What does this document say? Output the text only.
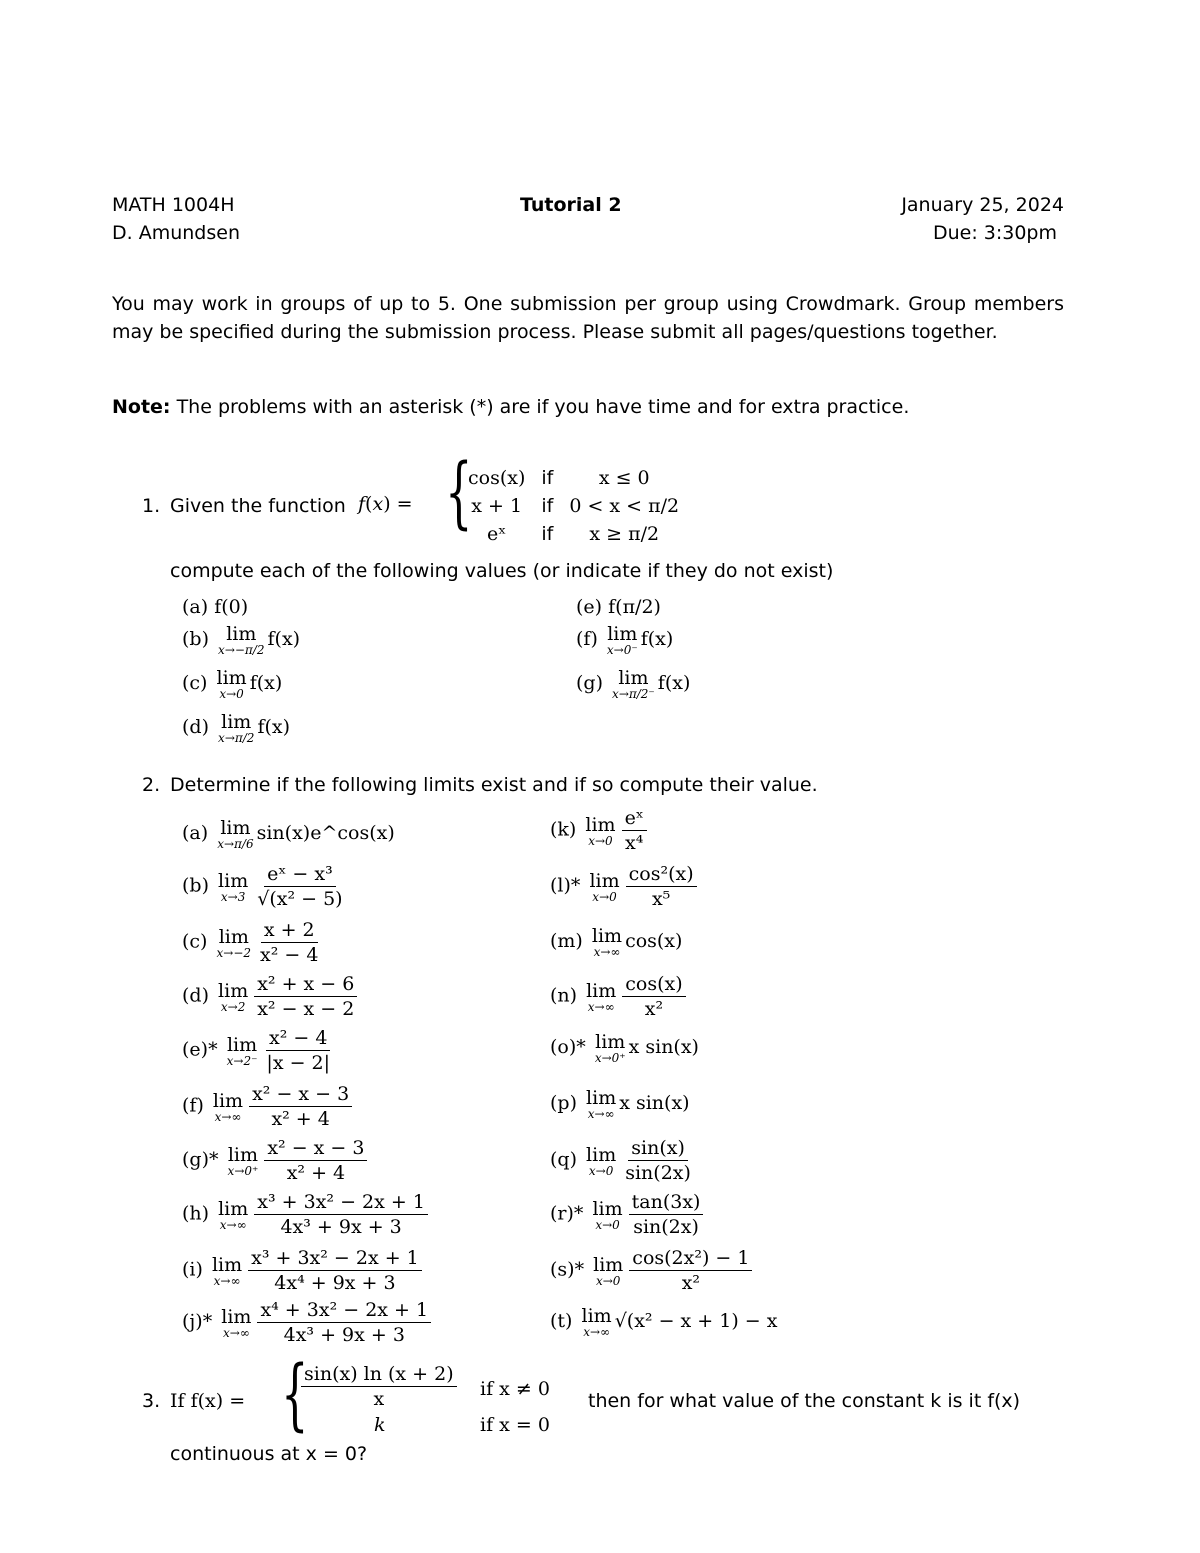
MATH 1004H
D. Amundsen
Tutorial 2	January 25, 2024
Due: 3:30pm
You may work in groups of up to 5. One submission per group using Crowdmark. Group members may be specified during the submission process. Please submit all pages/questions together.
Note: The problems with an asterisk (*) are if you have time and for extra practice.
1. Given the function f(x) = {
cos(x)	if	x ≤ 0
x + 1	if	0 < x < π/2
eˣ	if	x ≥ π/2
compute each of the following values (or indicate if they do not exist)
(a) f(0)
(b) lim
x→−π/2 f(x)
(c) lim
x→0 f(x)
(d) lim
x→π/2 f(x)
(e) f(π/2)
(f) lim
x→0⁻ f(x)
(g) lim
x→π/2⁻ f(x)
2. Determine if the following limits exist and if so compute their value.
(a) lim
x→π/6 sin(x)e^cos(x)
(b) lim
$x\to 3 \frac{\text{eˣ − x³}}{\text{√(x² − 5)}}$
(c) lim
$x\to-2 \frac{x + 2}{\text{x² − 4}}$
(d) lim
$x\to 2 \frac{\text{x² + x − 6}}{\text{x² − x − 2}}$
(e)* lim
$x\to 2^- \frac{\text{x² − 4}}{|x - 2|}$
(f) lim
$x\to\infty \frac{\text{x² − x − 3}}{\text{x² + 4}}$
(g)* lim
$x\to 0^+ \frac{\text{x² − x − 3}}{\text{x² + 4}}$
(h) lim
$x\to\infty \frac{\text{x³ + 3x² − 2x + 1}}{\text{4x³ + 9x + 3}}$
(i) lim
$x\to\infty \frac{\text{x³ + 3x² − 2x + 1}}{\text{4x⁴ + 9x + 3}}$
(j)* lim
$x\to\infty \frac{\text{x⁴ + 3x² − 2x + 1}}{\text{4x³ + 9x + 3}}$
(k) lim
$x\to 0 \frac{\text{eˣ}}{\text{x⁴}}$
(l)* lim
$x\to 0 \frac{\text{cos²(x)}}{\text{x⁵}}$
(m) lim
x→∞ cos(x)
(n) lim
$x\to\infty \frac{\cos(x)}{\text{x²}}$
(o)* lim
x→0⁺ x sin(x)
(p) lim
x→∞ x sin(x)
(q) lim
$x\to 0 \frac{\sin(x)}{\sin(2x)}$
(r)* lim
$x\to 0 \frac{\tan(3x)}{\sin(2x)}$
(s)* lim
$x\to 0 \frac{\text{cos(2x²) − 1}}{\text{x²}}$
(t) lim
x→∞ √(x² − x + 1) − x
3. If f(x) = {
$\frac{\sin(x) \ln (x + 2)}{x}$ if x ≠ 0
k	if x = 0
then for what value of the constant k is it f(x)
continuous at x = 0?
